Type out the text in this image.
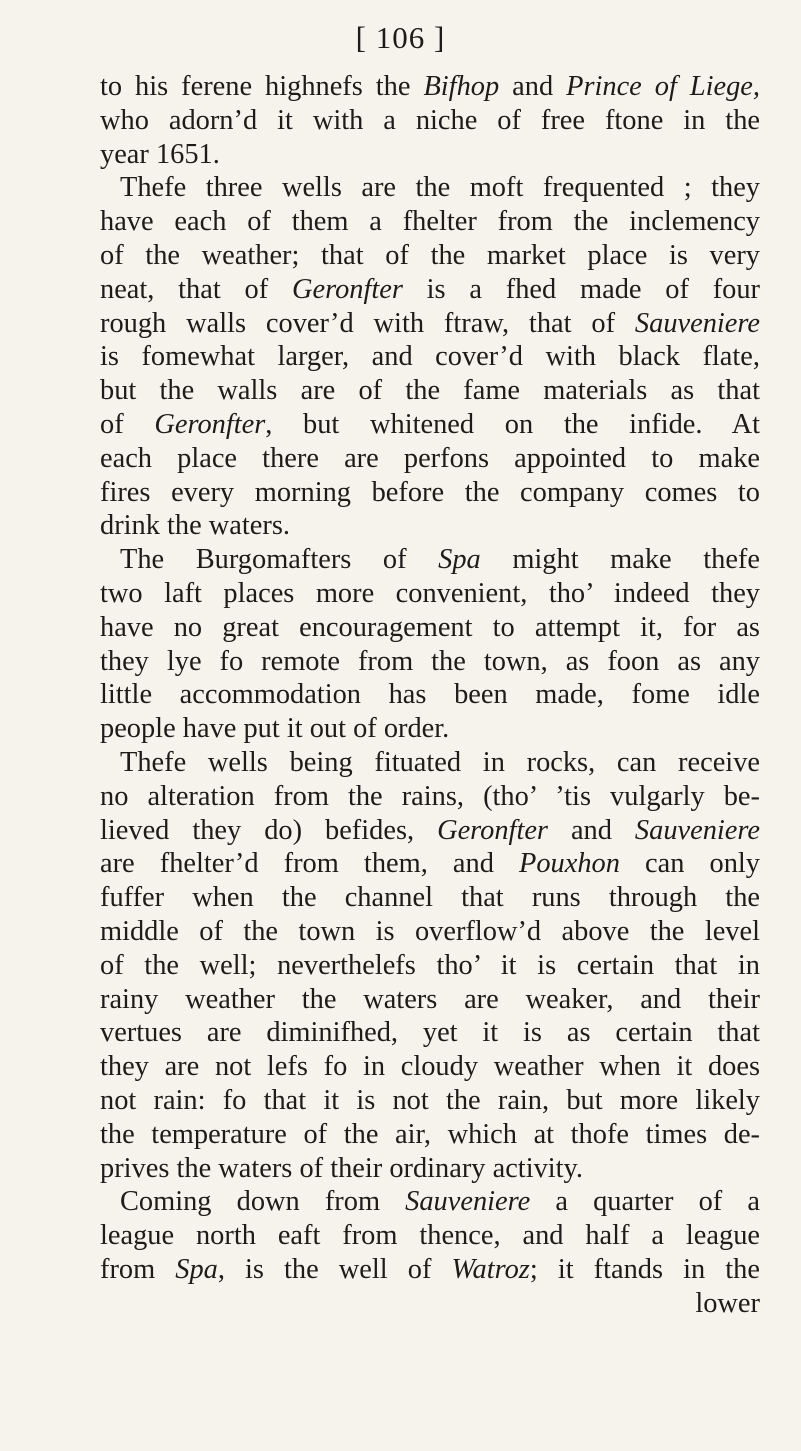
[ 106 ]
to his ferene highnefs the Bifhop and Prince of Liege,
who adorn’d it with a niche of free ftone in the
year 1651.
Thefe three wells are the moft frequented ; they
have each of them a fhelter from the inclemency
of the weather; that of the market place is very
neat, that of Geronfter is a fhed made of four
rough walls cover’d with ftraw, that of Sauveniere
is fomewhat larger, and cover’d with black flate,
but the walls are of the fame materials as that
of Geronfter, but whitened on the infide. At
each place there are perfons appointed to make
fires every morning before the company comes to
drink the waters.
The Burgomafters of Spa might make thefe
two laft places more convenient, tho’ indeed they
have no great encouragement to attempt it, for as
they lye fo remote from the town, as foon as any
little accommodation has been made, fome idle
people have put it out of order.
Thefe wells being fituated in rocks, can receive
no alteration from the rains, (tho’ ’tis vulgarly be-
lieved they do) befides, Geronfter and Sauveniere
are fhelter’d from them, and Pouxhon can only
fuffer when the channel that runs through the
middle of the town is overflow’d above the level
of the well; neverthelefs tho’ it is certain that in
rainy weather the waters are weaker, and their
vertues are diminifhed, yet it is as certain that
they are not lefs fo in cloudy weather when it does
not rain: fo that it is not the rain, but more likely
the temperature of the air, which at thofe times de-
prives the waters of their ordinary activity.
Coming down from Sauveniere a quarter of a
league north eaft from thence, and half a league
from Spa, is the well of Watroz; it ftands in the
lower
